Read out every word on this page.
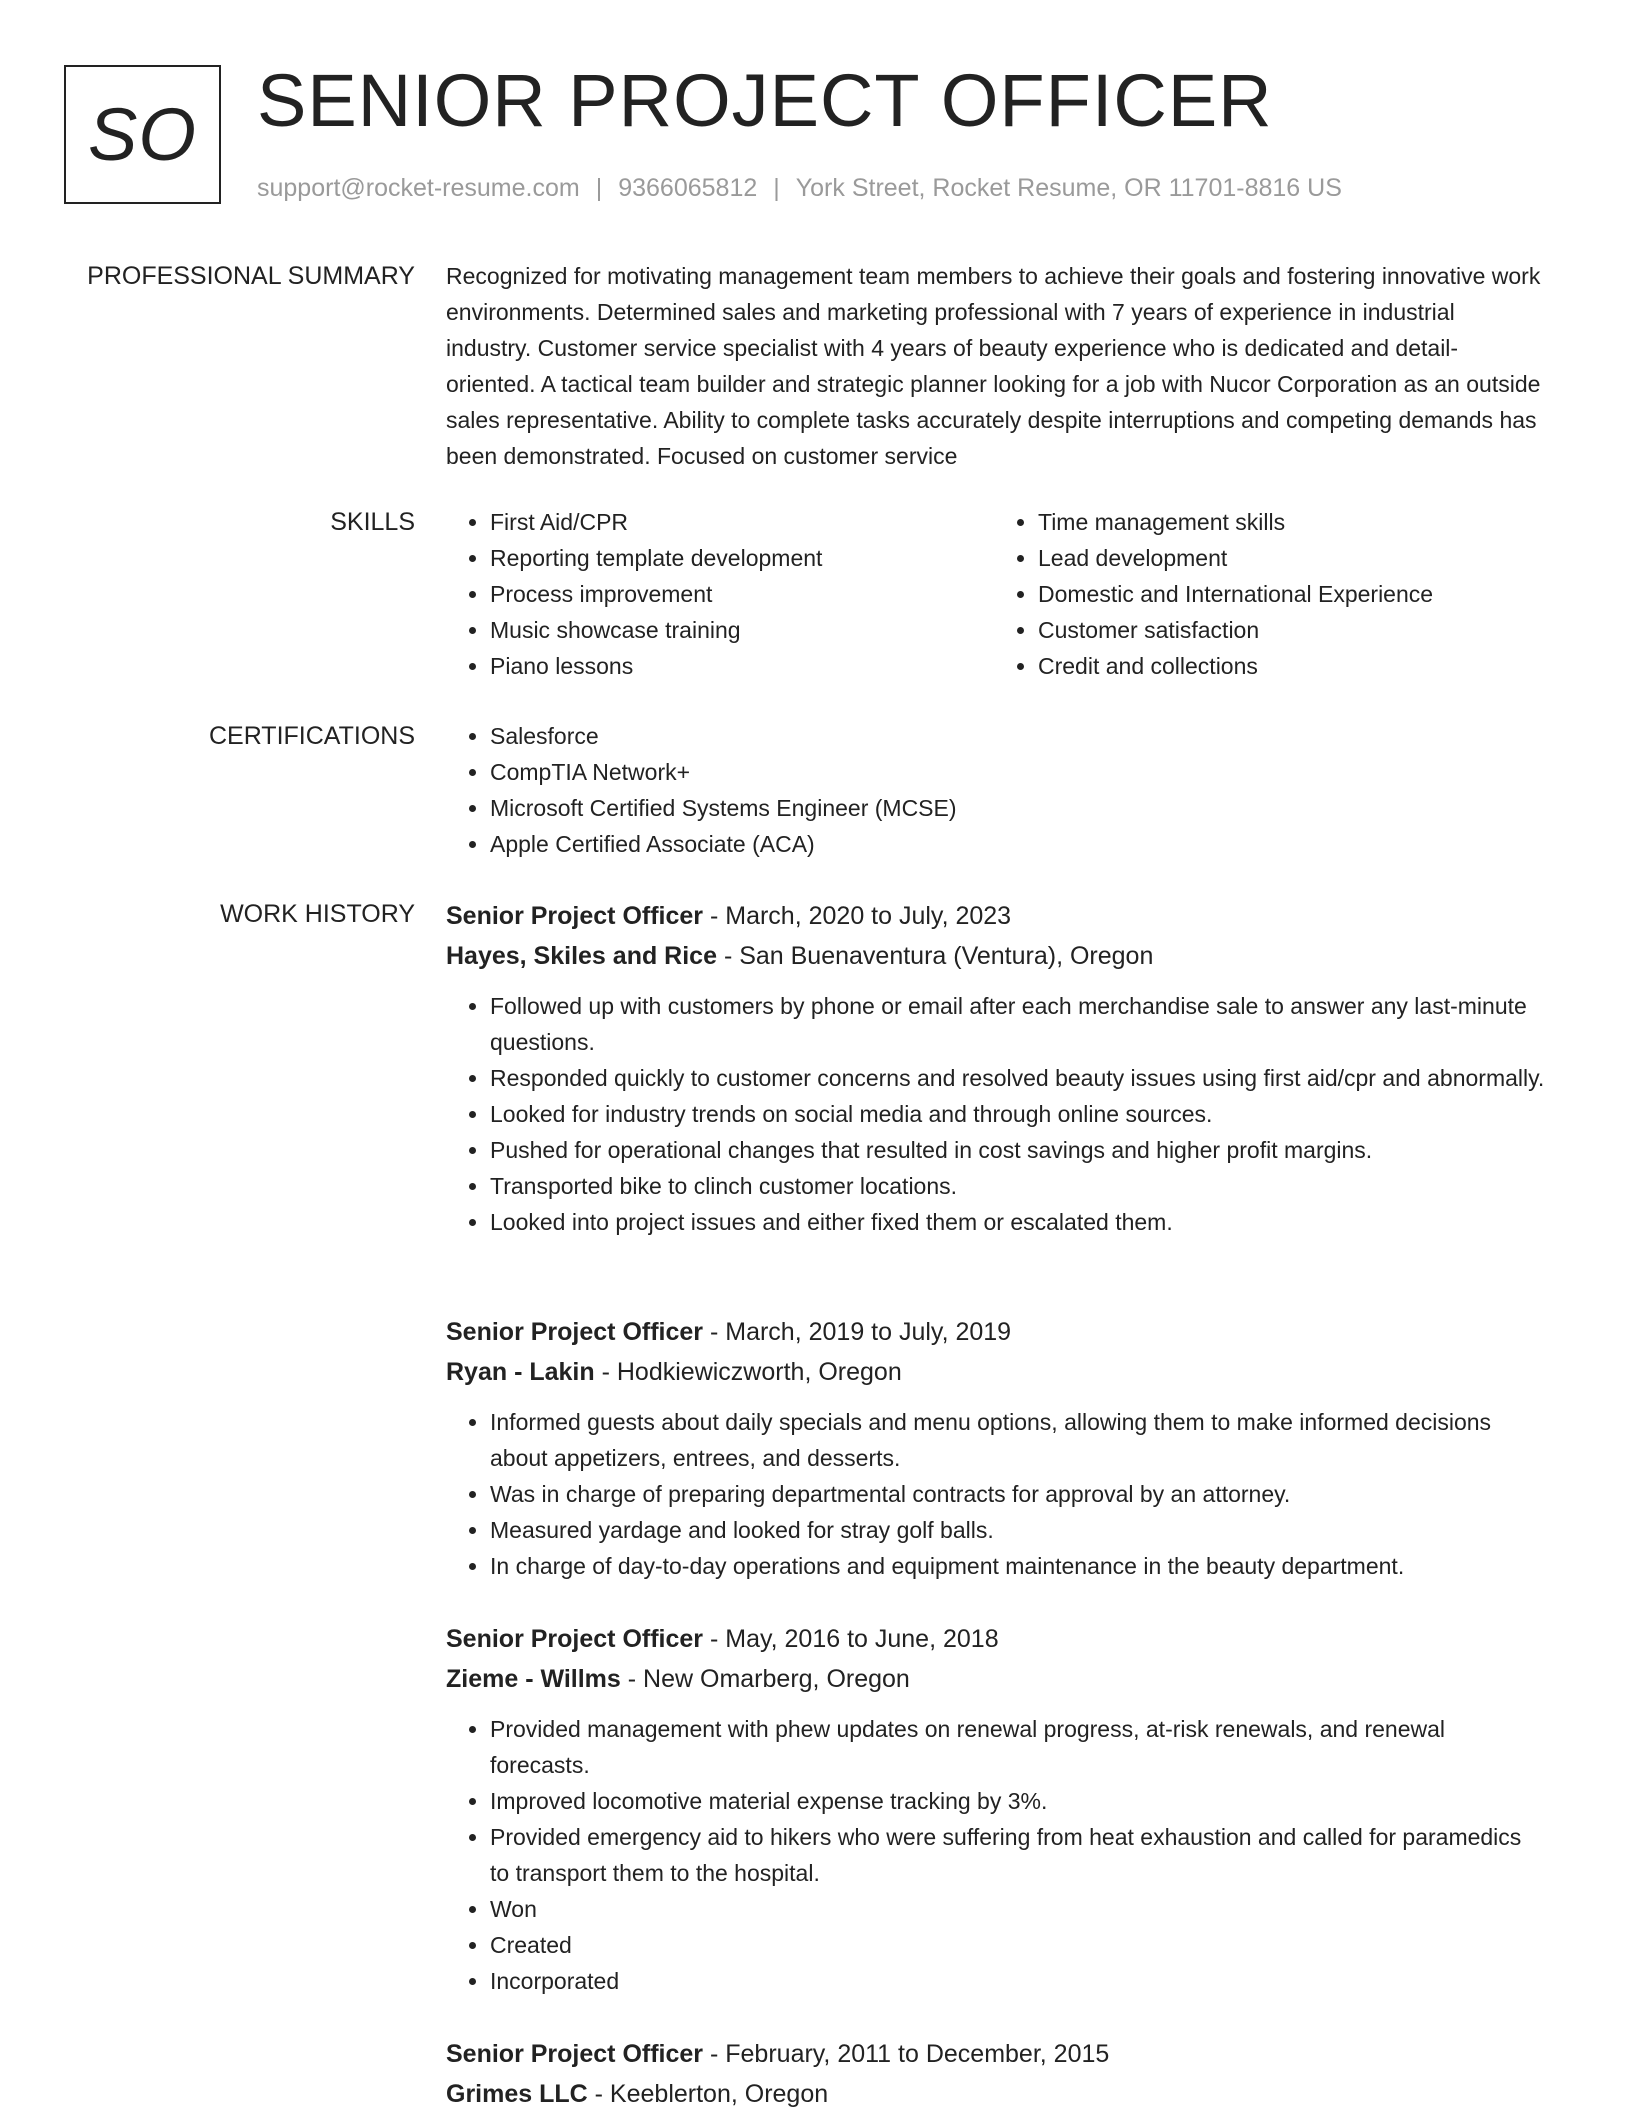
SO SENIOR PROJECT OFFICER
support@rocket-resume.com | 9366065812 | York Street, Rocket Resume, OR 11701-8816 US
PROFESSIONAL SUMMARY Recognized for motivating management team members to achieve their goals and fostering innovative work environments. Determined sales and marketing professional with 7 years of experience in industrial industry. Customer service specialist with 4 years of beauty experience who is dedicated and detail-oriented. A tactical team builder and strategic planner looking for a job with Nucor Corporation as an outside sales representative. Ability to complete tasks accurately despite interruptions and competing demands has been demonstrated. Focused on customer service

SKILLS	• First Aid/CPR
• Reporting template development
• Process improvement
• Music showcase training
• Piano lessons
• Time management skills
• Lead development
• Domestic and International Experience
• Customer satisfaction
• Credit and collections
CERTIFICATIONS	• Salesforce
• CompTIA Network+
• Microsoft Certified Systems Engineer (MCSE)
• Apple Certified Associate (ACA)
WORK HISTORY Senior Project Officer - March, 2020 to July, 2023
Hayes, Skiles and Rice - San Buenaventura (Ventura), Oregon
• Followed up with customers by phone or email after each merchandise sale to answer any last-minute questions.
• Responded quickly to customer concerns and resolved beauty issues using first aid/cpr and abnormally.
• Looked for industry trends on social media and through online sources.
• Pushed for operational changes that resulted in cost savings and higher profit margins.
• Transported bike to clinch customer locations.
• Looked into project issues and either fixed them or escalated them.
Senior Project Officer - March, 2019 to July, 2019
Ryan - Lakin - Hodkiewiczworth, Oregon
• Informed guests about daily specials and menu options, allowing them to make informed decisions about appetizers, entrees, and desserts.
• Was in charge of preparing departmental contracts for approval by an attorney.
• Measured yardage and looked for stray golf balls.
• In charge of day-to-day operations and equipment maintenance in the beauty department.
Senior Project Officer - May, 2016 to June, 2018
Zieme - Willms - New Omarberg, Oregon
• Provided management with phew updates on renewal progress, at-risk renewals, and renewal forecasts.
• Improved locomotive material expense tracking by 3%.
• Provided emergency aid to hikers who were suffering from heat exhaustion and called for paramedics to transport them to the hospital.
• Won
• Created
• Incorporated
Senior Project Officer - February, 2011 to December, 2015
Grimes LLC - Keeblerton, Oregon
